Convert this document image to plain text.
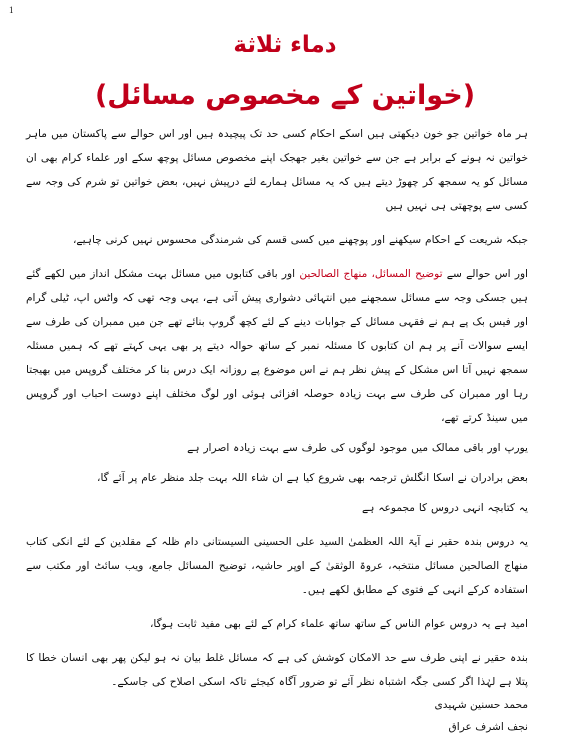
1
دماء ثلاثة
(خواتین کے مخصوص مسائل)

ہر ماہ خواتین جو خون دیکھتی ہیں اسکے احکام کسی حد تک پیچیدہ ہیں اور اس حوالے سے پاکستان میں ماہر خواتین نہ ہونے کے برابر ہے جن سے خواتین بغیر جھجک اپنے مخصوص مسائل پوچھ سکے اور علماء کرام بھی ان مسائل کو یہ سمجھ کر چھوڑ دیتے ہیں کہ یہ مسائل ہمارے لئے درپیش نہیں، بعض خواتین تو شرم کی وجہ سے کسی سے پوچھتی ہی نہیں ہیں

جبکہ شریعت کے احکام سیکھنے اور پوچھنے میں کسی قسم کی شرمندگی محسوس نہیں کرنی چاہیے،

اور اس حوالے سے توضیح المسائل، منھاج الصالحین اور باقی کتابوں میں مسائل بہت مشکل انداز میں لکھے گئے ہیں جسکی وجہ سے مسائل سمجھنے میں انتہائی دشواری پیش آتی ہے، یہی وجہ تھی کہ واٹس اپ، ٹیلی گرام اور فیس بک پے ہم نے فقہی مسائل کے جوابات دینے کے لئے کچھ گروپ بنائے تھے جن میں ممبران کی طرف سے ایسے سوالات آنے پر ہم ان کتابوں کا مسئلہ نمبر کے ساتھ حوالہ دیتے پر بھی یہی کہتے تھے کہ ہمیں مسئلہ سمجھ نہیں آتا اس مشکل کے پیش نظر ہم نے اس موضوع پے روزانہ ایک درس بنا کر مختلف گروپس میں بھیجتا رہا اور ممبران کی طرف سے بہت زیادہ حوصلہ افزائی ہوئی اور لوگ مختلف اپنے دوست احباب اور گروپس میں سینڈ کرتے تھے،

یورپ اور باقی ممالک میں موجود لوگوں کی طرف سے بہت زیادہ اصرار ہے

بعض برادران نے اسکا انگلش ترجمہ بھی شروع کیا ہے ان شاء اللہ بہت جلد منظر عام پر آئے گا،

یہ کتابچہ انہی دروس کا مجموعہ ہے

یہ دروس بندہ حقیر نے آیۃ اللہ العظمیٰ السید علی الحسینی السیستانی دام ظلہ کے مقلدین کے لئے انکی کتاب منھاج الصالحین مسائل منتخبہ، عروۃ الوثقیٰ کے اوپر حاشیہ، توضیح المسائل جامع، ویب سائٹ اور مکتب سے استفادہ کرکے انہی کے فتوی کے مطابق لکھے ہیں۔

امید ہے یہ دروس عوام الناس کے ساتھ ساتھ علماء کرام کے لئے بھی مفید ثابت ہوگا،

بندہ حقیر نے اپنی طرف سے حد الامکان کوشش کی ہے کہ مسائل غلط بیان نہ ہو لیکن پھر بھی انسان خطا کا پتلا ہے لہٰذا اگر کسی جگہ اشتباہ نظر آئے تو ضرور آگاہ کیجئے تاکہ اسکی اصلاح کی جاسکے۔

محمد حسنین شہیدی

نجف اشرف عراق
